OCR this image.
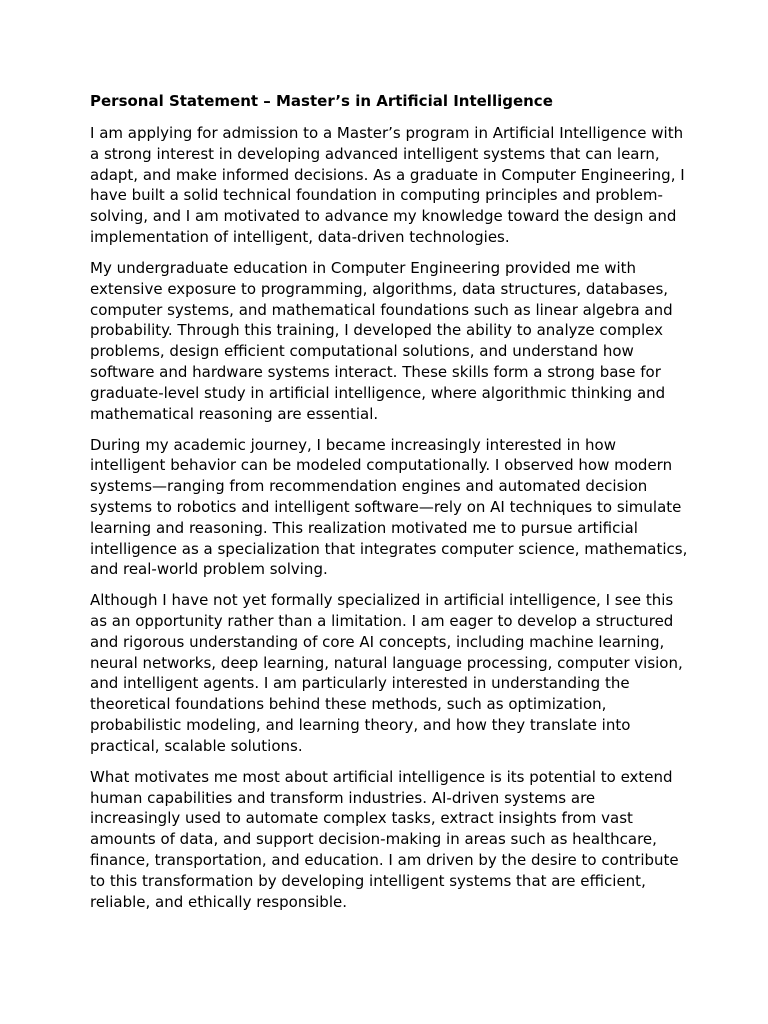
Personal Statement – Master’s in Artificial Intelligence

I am applying for admission to a Master’s program in Artificial Intelligence with a strong interest in developing advanced intelligent systems that can learn, adapt, and make informed decisions. As a graduate in Computer Engineering, I have built a solid technical foundation in computing principles and problem-solving, and I am motivated to advance my knowledge toward the design and implementation of intelligent, data-driven technologies.

My undergraduate education in Computer Engineering provided me with extensive exposure to programming, algorithms, data structures, databases, computer systems, and mathematical foundations such as linear algebra and probability. Through this training, I developed the ability to analyze complex problems, design efficient computational solutions, and understand how software and hardware systems interact. These skills form a strong base for graduate-level study in artificial intelligence, where algorithmic thinking and mathematical reasoning are essential.

During my academic journey, I became increasingly interested in how intelligent behavior can be modeled computationally. I observed how modern systems—ranging from recommendation engines and automated decision systems to robotics and intelligent software—rely on AI techniques to simulate learning and reasoning. This realization motivated me to pursue artificial intelligence as a specialization that integrates computer science, mathematics, and real-world problem solving.

Although I have not yet formally specialized in artificial intelligence, I see this as an opportunity rather than a limitation. I am eager to develop a structured and rigorous understanding of core AI concepts, including machine learning, neural networks, deep learning, natural language processing, computer vision, and intelligent agents. I am particularly interested in understanding the theoretical foundations behind these methods, such as optimization, probabilistic modeling, and learning theory, and how they translate into practical, scalable solutions.

What motivates me most about artificial intelligence is its potential to extend human capabilities and transform industries. AI-driven systems are increasingly used to automate complex tasks, extract insights from vast amounts of data, and support decision-making in areas such as healthcare, finance, transportation, and education. I am driven by the desire to contribute to this transformation by developing intelligent systems that are efficient, reliable, and ethically responsible.
